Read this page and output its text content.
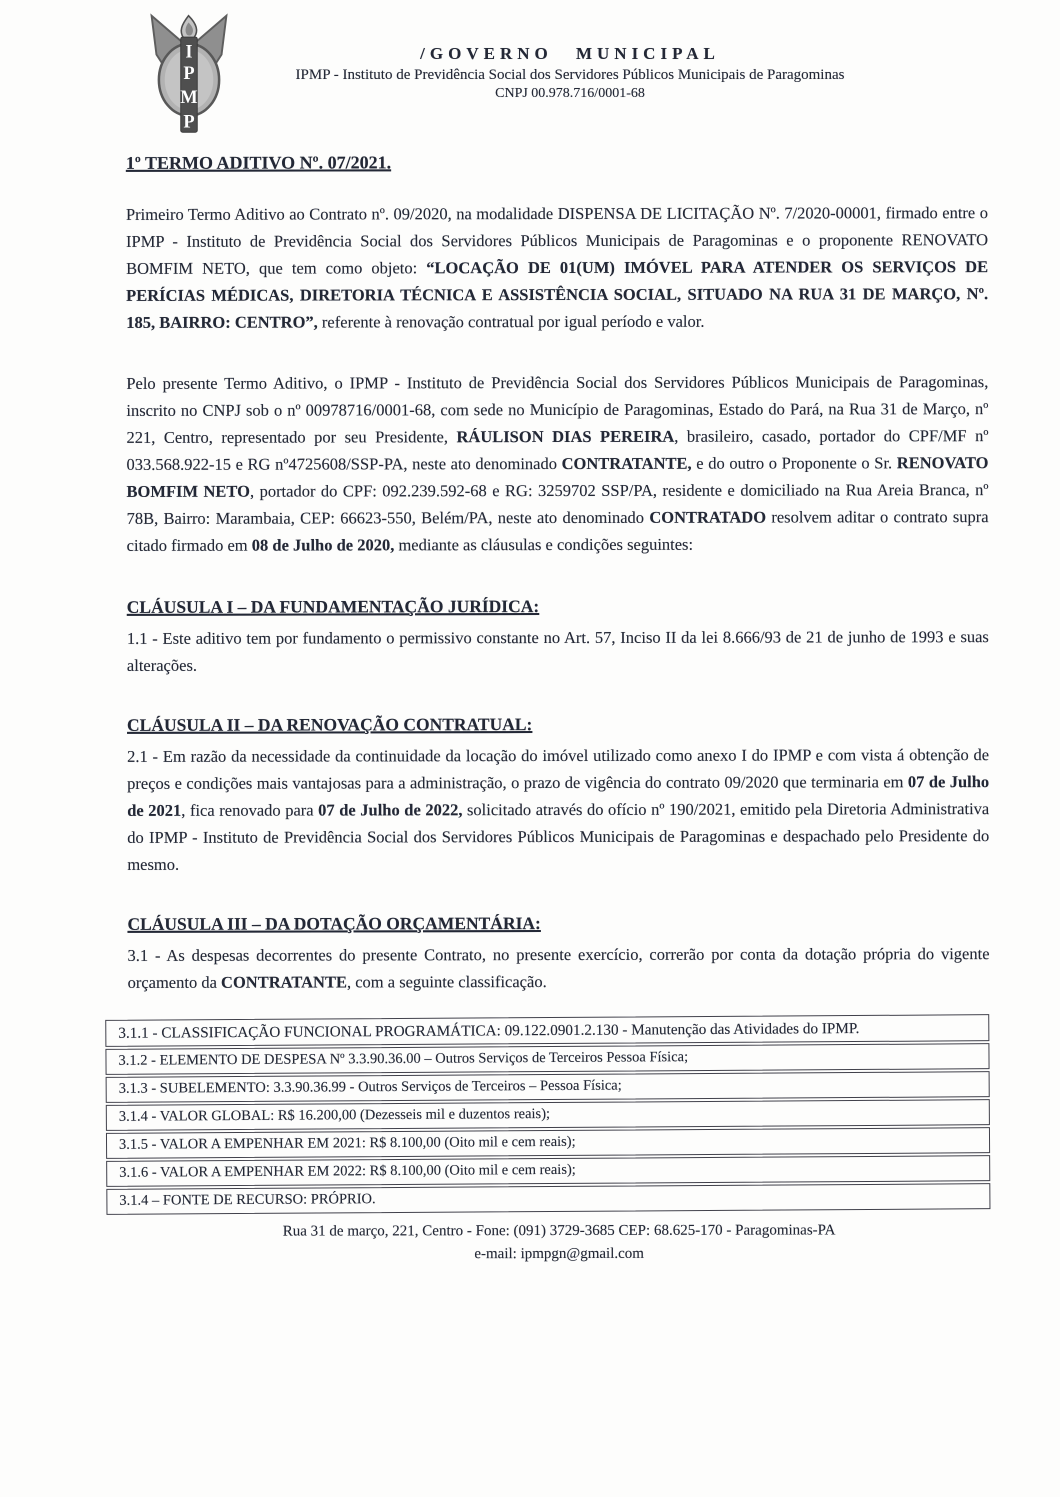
I
P
M
P
/GOVERNO MUNICIPAL
IPMP - Instituto de Previdência Social dos Servidores Públicos Municipais de Paragominas
CNPJ 00.978.716/0001-68
1º TERMO ADITIVO Nº. 07/2021.

Primeiro Termo Aditivo ao Contrato nº. 09/2020, na modalidade DISPENSA DE LICITAÇÃO Nº. 7/2020-00001, firmado entre o IPMP - Instituto de Previdência Social dos Servidores Públicos Municipais de Paragominas e o proponente RENOVATO BOMFIM NETO, que tem como objeto: “LOCAÇÃO DE 01(UM) IMÓVEL PARA ATENDER OS SERVIÇOS DE PERÍCIAS MÉDICAS, DIRETORIA TÉCNICA E ASSISTÊNCIA SOCIAL, SITUADO NA RUA 31 DE MARÇO, Nº. 185, BAIRRO: CENTRO”, referente à renovação contratual por igual período e valor.

Pelo presente Termo Aditivo, o IPMP - Instituto de Previdência Social dos Servidores Públicos Municipais de Paragominas, inscrito no CNPJ sob o nº 00978716/0001-68, com sede no Município de Paragominas, Estado do Pará, na Rua 31 de Março, nº 221, Centro, representado por seu Presidente, RÁULISON DIAS PEREIRA, brasileiro, casado, portador do CPF/MF nº 033.568.922-15 e RG nº4725608/SSP-PA, neste ato denominado CONTRATANTE, e do outro o Proponente o Sr. RENOVATO BOMFIM NETO, portador do CPF: 092.239.592-68 e RG: 3259702 SSP/PA, residente e domiciliado na Rua Areia Branca, nº 78B, Bairro: Marambaia, CEP: 66623-550, Belém/PA, neste ato denominado CONTRATADO resolvem aditar o contrato supra citado firmado em 08 de Julho de 2020, mediante as cláusulas e condições seguintes:

CLÁUSULA I – DA FUNDAMENTAÇÃO JURÍDICA:

1.1 - Este aditivo tem por fundamento o permissivo constante no Art. 57, Inciso II da lei 8.666/93 de 21 de junho de 1993 e suas alterações.

CLÁUSULA II – DA RENOVAÇÃO CONTRATUAL:

2.1 - Em razão da necessidade da continuidade da locação do imóvel utilizado como anexo I do IPMP e com vista á obtenção de preços e condições mais vantajosas para a administração, o prazo de vigência do contrato 09/2020 que terminaria em 07 de Julho de 2021, fica renovado para 07 de Julho de 2022, solicitado através do ofício nº 190/2021, emitido pela Diretoria Administrativa do IPMP - Instituto de Previdência Social dos Servidores Públicos Municipais de Paragominas e despachado pelo Presidente do mesmo.

CLÁUSULA III – DA DOTAÇÃO ORÇAMENTÁRIA:

3.1 - As despesas decorrentes do presente Contrato, no presente exercício, correrão por conta da dotação própria do vigente orçamento da CONTRATANTE, com a seguinte classificação.

3.1.1 - CLASSIFICAÇÃO FUNCIONAL PROGRAMÁTICA: 09.122.0901.2.130 - Manutenção das Atividades do IPMP.
3.1.2 - ELEMENTO DE DESPESA Nº 3.3.90.36.00 – Outros Serviços de Terceiros Pessoa Física;
3.1.3 - SUBELEMENTO: 3.3.90.36.99 - Outros Serviços de Terceiros – Pessoa Física;
3.1.4 - VALOR GLOBAL: R$ 16.200,00 (Dezesseis mil e duzentos reais);
3.1.5 - VALOR A EMPENHAR EM 2021: R$ 8.100,00 (Oito mil e cem reais);
3.1.6 - VALOR A EMPENHAR EM 2022: R$ 8.100,00 (Oito mil e cem reais);
3.1.4 – FONTE DE RECURSO: PRÓPRIO.
Rua 31 de março, 221, Centro - Fone: (091) 3729-3685 CEP: 68.625-170 - Paragominas-PA
e-mail: ipmpgn@gmail.com
